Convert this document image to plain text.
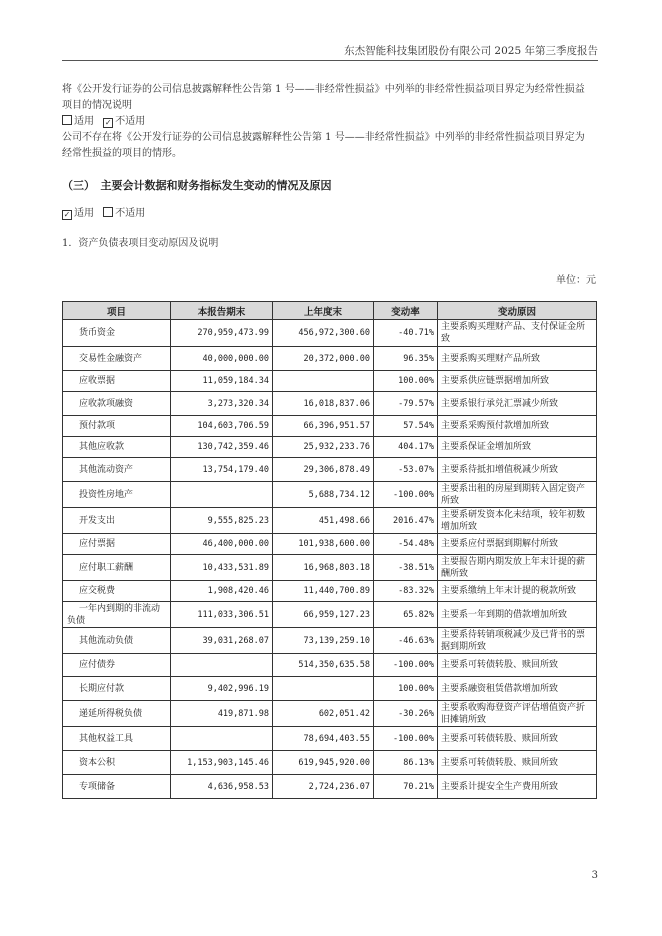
东杰智能科技集团股份有限公司 2025 年第三季度报告
将《公开发行证券的公司信息披露解释性公告第 1 号——非经常性损益》中列举的非经常性损益项目界定为经常性损益
项目的情况说明
适用 ✓ 不适用
公司不存在将《公开发行证券的公司信息披露解释性公告第 1 号——非经常性损益》中列举的非经常性损益项目界定为
经常性损益的项目的情形。
（三）　主要会计数据和财务指标发生变动的情况及原因
✓ 适用 不适用
1．资产负债表项目变动原因及说明
单位：元
项目	本报告期末	上年度末	变动率	变动原因
货币资金	270,959,473.99	456,972,300.60	-40.71%	主要系购买理财产品、支付保证金所致
交易性金融资产	40,000,000.00	20,372,000.00	96.35%	主要系购买理财产品所致
应收票据	11,059,184.34		100.00%	主要系供应链票据增加所致
应收款项融资	3,273,320.34	16,018,837.06	-79.57%	主要系银行承兑汇票减少所致
预付款项	104,603,706.59	66,396,951.57	57.54%	主要系采购预付款增加所致
其他应收款	130,742,359.46	25,932,233.76	404.17%	主要系保证金增加所致
其他流动资产	13,754,179.40	29,306,878.49	-53.07%	主要系待抵扣增值税减少所致
投资性房地产		5,688,734.12	-100.00%	主要系出租的房屋到期转入固定资产所致
开发支出	9,555,825.23	451,498.66	2016.47%	主要系研发资本化未结项，较年初数增加所致
应付票据	46,400,000.00	101,938,600.00	-54.48%	主要系应付票据到期解付所致
应付职工薪酬	10,433,531.89	16,968,803.18	-38.51%	主要报告期内期发放上年末计提的薪酬所致
应交税费	1,908,420.46	11,440,700.89	-83.32%	主要系缴纳上年末计提的税款所致
一年内到期的非流动负债	111,033,306.51	66,959,127.23	65.82%	主要系一年到期的借款增加所致
其他流动负债	39,031,268.07	73,139,259.10	-46.63%	主要系待转销项税减少及已背书的票据到期所致
应付债券		514,350,635.58	-100.00%	主要系可转债转股、赎回所致
长期应付款	9,402,996.19		100.00%	主要系融资租赁借款增加所致
递延所得税负债	419,871.98	602,051.42	-30.26%	主要系收购海登资产评估增值资产折旧摊销所致
其他权益工具		78,694,403.55	-100.00%	主要系可转债转股、赎回所致
资本公积	1,153,903,145.46	619,945,920.00	86.13%	主要系可转债转股、赎回所致
专项储备	4,636,958.53	2,724,236.07	70.21%	主要系计提安全生产费用所致
3
